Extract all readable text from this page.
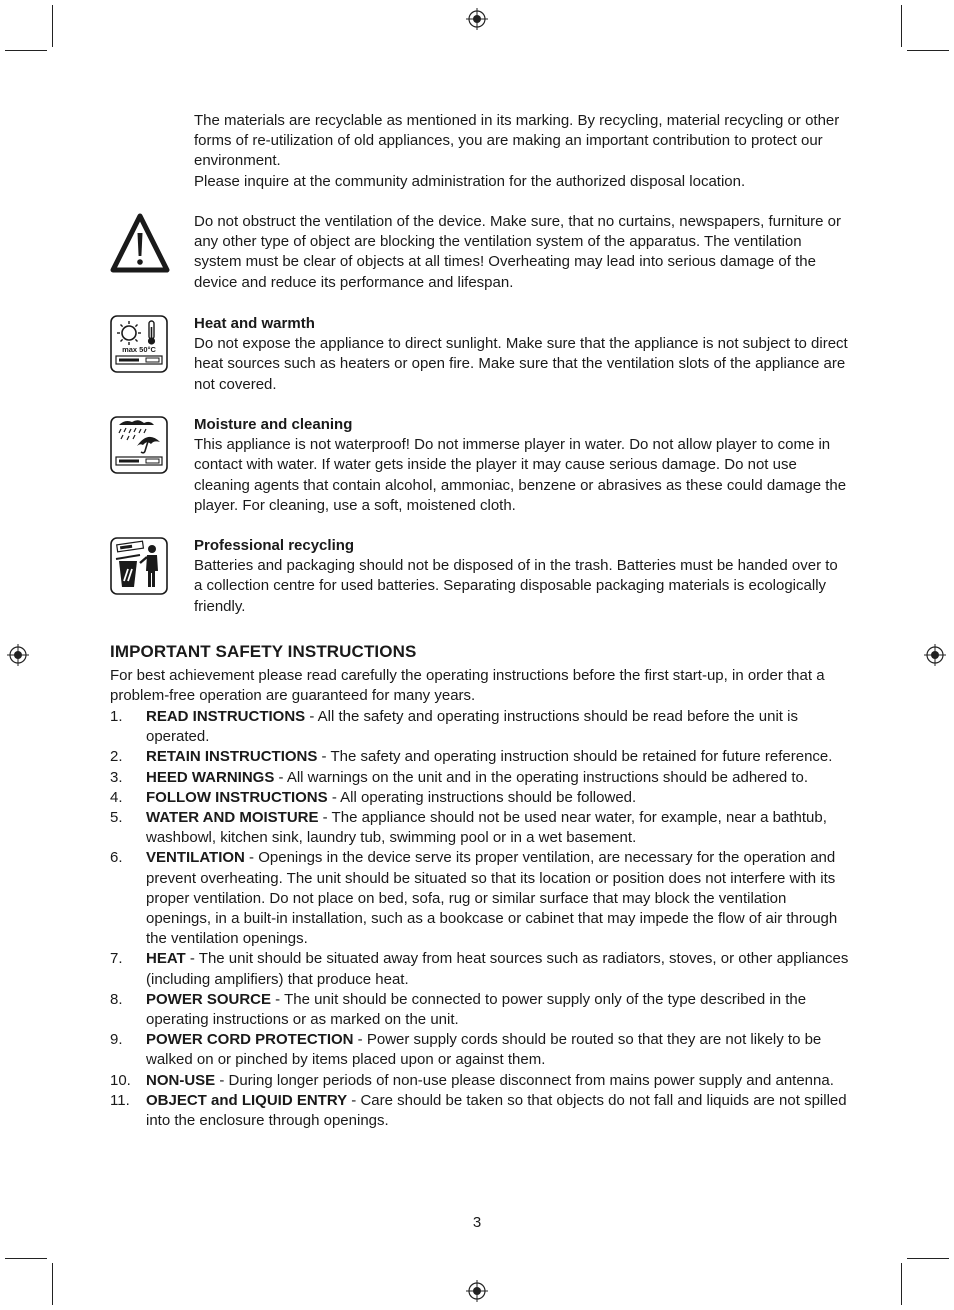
The materials are recyclable as mentioned in its marking. By recycling, material recycling or other forms of re-utilization of old appliances, you are making an important contribution to protect our environment.

Please inquire at the community administration for the authorized disposal location.

Do not obstruct the ventilation of the device. Make sure, that no curtains, newspapers, furniture or any other type of object are blocking the ventilation system of the apparatus. The ventilation system must be clear of objects at all times! Overheating may lead into serious damage of the device and reduce its performance and lifespan.

max 50°C

Heat and warmth

Do not expose the appliance to direct sunlight. Make sure that the appliance is not subject to direct heat sources such as heaters or open fire. Make sure that the ventilation slots of the appliance are not covered.

Moisture and cleaning

This appliance is not waterproof! Do not immerse player in water. Do not allow player to come in contact with water. If water gets inside the player it may cause serious damage. Do not use cleaning agents that contain alcohol, ammoniac, benzene or abrasives as these could damage the player. For cleaning, use a soft, moistened cloth.

Professional recycling

Batteries and packaging should not be disposed of in the trash. Batteries must be handed over to a collection centre for used batteries. Separating disposable packaging materials is ecologically friendly.

IMPORTANT SAFETY INSTRUCTIONS
For best achievement please read carefully the operating instructions before the first start-up, in order that a problem-free operation are guaranteed for many years.
1.	READ INSTRUCTIONS - All the safety and operating instructions should be read before the unit is operated.
2.	RETAIN INSTRUCTIONS - The safety and operating instruction should be retained for future reference.
3.	HEED WARNINGS - All warnings on the unit and in the operating instructions should be adhered to.
4.	FOLLOW INSTRUCTIONS - All operating instructions should be followed.
5.	WATER AND MOISTURE - The appliance should not be used near water, for example, near a bathtub, washbowl, kitchen sink, laundry tub, swimming pool or in a wet basement.
6.	VENTILATION - Openings in the device serve its proper ventilation, are necessary for the operation and prevent overheating. The unit should be situated so that its location or position does not interfere with its proper ventilation. Do not place on bed, sofa, rug or similar surface that may block the ventilation openings, in a built-in installation, such as a bookcase or cabinet that may impede the flow of air through the ventilation openings.
7.	HEAT - The unit should be situated away from heat sources such as radiators, stoves, or other appliances (including amplifiers) that produce heat.
8.	POWER SOURCE - The unit should be connected to power supply only of the type described in the operating instructions or as marked on the unit.
9.	POWER CORD PROTECTION - Power supply cords should be routed so that they are not likely to be walked on or pinched by items placed upon or against them.
10.	NON-USE - During longer periods of non-use please disconnect from mains power supply and antenna.
11.	OBJECT and LIQUID ENTRY - Care should be taken so that objects do not fall and liquids are not spilled into the enclosure through openings.
3
